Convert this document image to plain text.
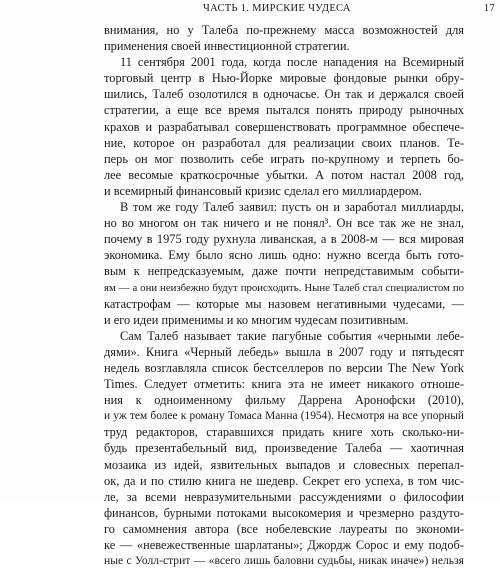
ЧАСТЬ 1. МИРСКИЕ ЧУДЕСА	17
внимания, но у Талеба по-прежнему масса возможностей для
применения своей инвестиционной стратегии.
11 сентября 2001 года, когда после нападения на Всемирный
торговый центр в Нью-Йорке мировые фондовые рынки обру-
шились, Талеб озолотился в одночасье. Он так и держался своей
стратегии, а еще все время пытался понять природу рыночных
крахов и разрабатывал совершенствовать программное обеспече-
ние, которое он разработал для реализации своих планов. Те-
перь он мог позволить себе играть по-крупному и терпеть бо-
лее весомые краткосрочные убытки. А потом настал 2008 год,
и всемирный финансовый кризис сделал его миллиардером.
В том же году Талеб заявил: пусть он и заработал миллиарды,
но во многом он так ничего и не понял³. Он все так же не знал,
почему в 1975 году рухнула ливанская, а в 2008-м — вся мировая
экономика. Ему было ясно лишь одно: нужно всегда быть гото-
вым к непредсказуемым, даже почти непредставимым событи-
ям — а они неизбежно будут происходить. Ныне Талеб стал специалистом по
катастрофам — которые мы назовем негативными чудесами, —
и его идеи применимы и ко многим чудесам позитивным.
Сам Талеб называет такие пагубные события «черными лебе-
дями». Книга «Черный лебедь» вышла в 2007 году и пятьдесят
недель возглавляла список бестселлеров по версии The New York
Times. Следует отметить: книга эта не имеет никакого отноше-
ния к одноименному фильму Даррена Аронофски (2010),
и уж тем более к роману Томаса Манна (1954). Несмотря на все упорный
труд редакторов, старавшихся придать книге хоть сколько-ни-
будь презентабельный вид, произведение Талеба — хаотичная
мозаика из идей, язвительных выпадов и словесных перепал-
ок, да и по стилю книга не шедевр. Секрет его успеха, в том чис-
ле, за всеми невразумительными рассуждениями о философии
финансов, бурными потоками высокомерия и чрезмерно раздуто-
го самомнения автора (все нобелевские лауреаты по экономи-
ке — «невежественные шарлатаны»; Джордж Сорос и ему подоб-
ные с Уолл-стрит — «всего лишь баловни судьбы, никак иначе») нельзя
